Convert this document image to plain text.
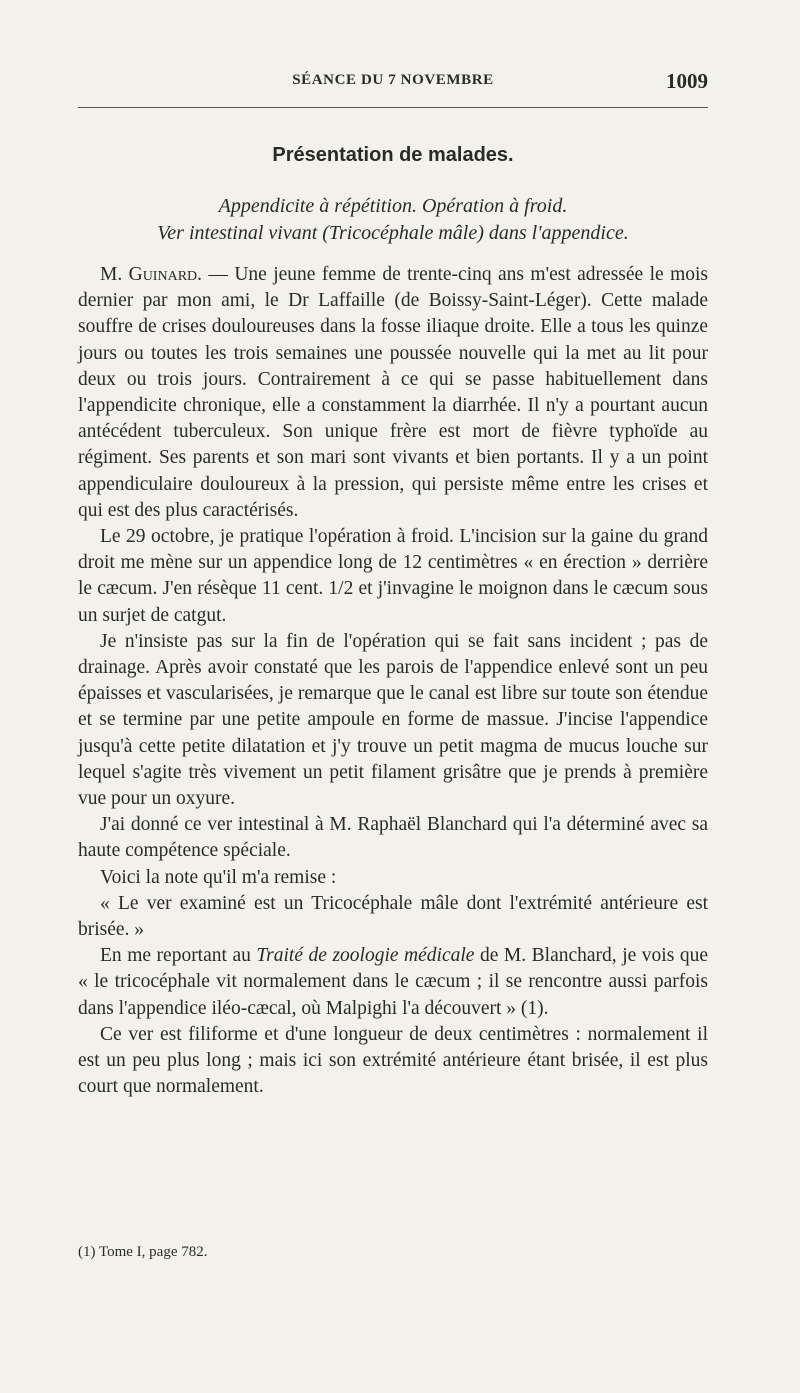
SÉANCE DU 7 NOVEMBRE	1009
Présentation de malades.
Appendicite à répétition. Opération à froid.
Ver intestinal vivant (Tricocéphale mâle) dans l'appendice.

M. Guinard. — Une jeune femme de trente-cinq ans m'est adressée le mois dernier par mon ami, le Dr Laffaille (de Boissy-Saint-Léger). Cette malade souffre de crises douloureuses dans la fosse iliaque droite. Elle a tous les quinze jours ou toutes les trois semaines une poussée nouvelle qui la met au lit pour deux ou trois jours. Contrairement à ce qui se passe habituellement dans l'appendicite chronique, elle a constamment la diarrhée. Il n'y a pourtant aucun antécédent tuberculeux. Son unique frère est mort de fièvre typhoïde au régiment. Ses parents et son mari sont vivants et bien portants. Il y a un point appendiculaire douloureux à la pression, qui persiste même entre les crises et qui est des plus caractérisés.

Le 29 octobre, je pratique l'opération à froid. L'incision sur la gaine du grand droit me mène sur un appendice long de 12 centimètres « en érection » derrière le cæcum. J'en résèque 11 cent. 1/2 et j'invagine le moignon dans le cæcum sous un surjet de catgut.

Je n'insiste pas sur la fin de l'opération qui se fait sans incident ; pas de drainage. Après avoir constaté que les parois de l'appendice enlevé sont un peu épaisses et vascularisées, je remarque que le canal est libre sur toute son étendue et se termine par une petite ampoule en forme de massue. J'incise l'appendice jusqu'à cette petite dilatation et j'y trouve un petit magma de mucus louche sur lequel s'agite très vivement un petit filament grisâtre que je prends à première vue pour un oxyure.

J'ai donné ce ver intestinal à M. Raphaël Blanchard qui l'a déterminé avec sa haute compétence spéciale.

Voici la note qu'il m'a remise :

« Le ver examiné est un Tricocéphale mâle dont l'extrémité antérieure est brisée. »

En me reportant au Traité de zoologie médicale de M. Blanchard, je vois que « le tricocéphale vit normalement dans le cæcum ; il se rencontre aussi parfois dans l'appendice iléo-cæcal, où Malpighi l'a découvert » (1).

Ce ver est filiforme et d'une longueur de deux centimètres : normalement il est un peu plus long ; mais ici son extrémité antérieure étant brisée, il est plus court que normalement.

(1) Tome I, page 782.
